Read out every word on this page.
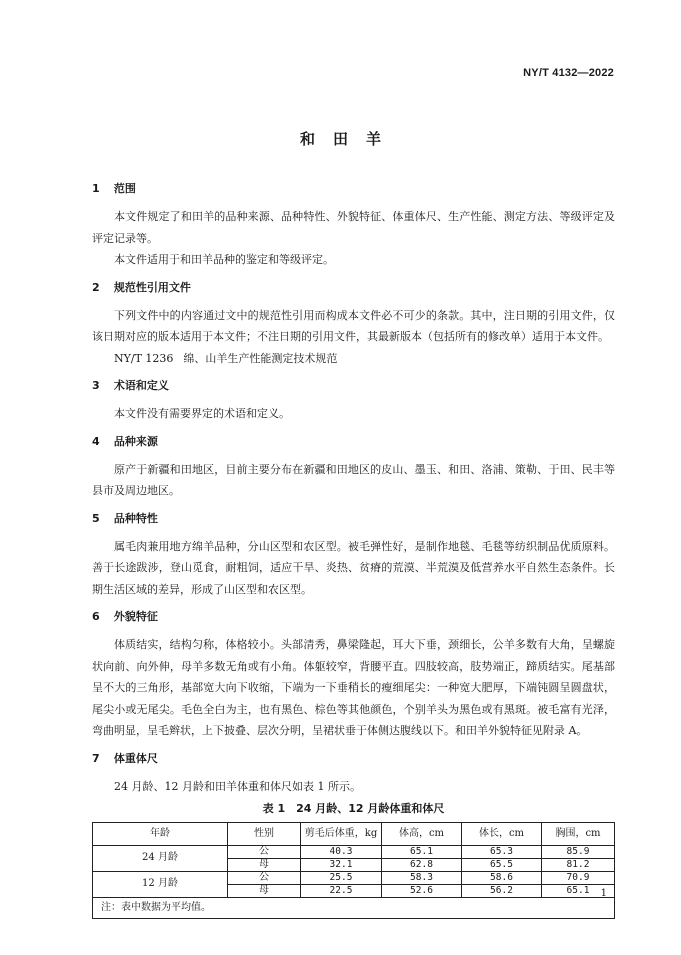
NY/T 4132—2022
和田羊
1 范围

本文件规定了和田羊的品种来源、品种特性、外貌特征、体重体尺、生产性能、测定方法、等级评定及评定记录等。

本文件适用于和田羊品种的鉴定和等级评定。

2 规范性引用文件

下列文件中的内容通过文中的规范性引用而构成本文件必不可少的条款。其中，注日期的引用文件，仅该日期对应的版本适用于本文件；不注日期的引用文件，其最新版本（包括所有的修改单）适用于本文件。

NY/T 1236 绵、山羊生产性能测定技术规范

3 术语和定义

本文件没有需要界定的术语和定义。

4 品种来源

原产于新疆和田地区，目前主要分布在新疆和田地区的皮山、墨玉、和田、洛浦、策勒、于田、民丰等县市及周边地区。

5 品种特性

属毛肉兼用地方绵羊品种，分山区型和农区型。被毛弹性好，是制作地毯、毛毯等纺织制品优质原料。善于长途跋涉，登山觅食，耐粗饲，适应干旱、炎热、贫瘠的荒漠、半荒漠及低营养水平自然生态条件。长期生活区域的差异，形成了山区型和农区型。

6 外貌特征

体质结实，结构匀称，体格较小。头部清秀，鼻梁隆起，耳大下垂，颈细长，公羊多数有大角，呈螺旋状向前、向外伸，母羊多数无角或有小角。体躯较窄，背腰平直。四肢较高，肢势端正，蹄质结实。尾基部呈不大的三角形，基部宽大向下收缩，下端为一下垂稍长的瘦细尾尖：一种宽大肥厚，下端钝圆呈圆盘状，尾尖小或无尾尖。毛色全白为主，也有黑色、棕色等其他颜色，个别羊头为黑色或有黑斑。被毛富有光泽，弯曲明显，呈毛辫状，上下披叠、层次分明，呈裙状垂于体侧达腹线以下。和田羊外貌特征见附录 A。

7 体重体尺

24 月龄、12 月龄和田羊体重和体尺如表 1 所示。

表 1　24 月龄、12 月龄体重和体尺
年龄	性别	剪毛后体重，kg	体高，cm	体长，cm	胸围，cm
24 月龄	公	40.3	65.1	65.3	85.9
	母	32.1	62.8	65.5	81.2
12 月龄	公	25.5	58.3	58.6	70.9
	母	22.5	52.6	56.2	65.1
注：表中数据为平均值。					
1
